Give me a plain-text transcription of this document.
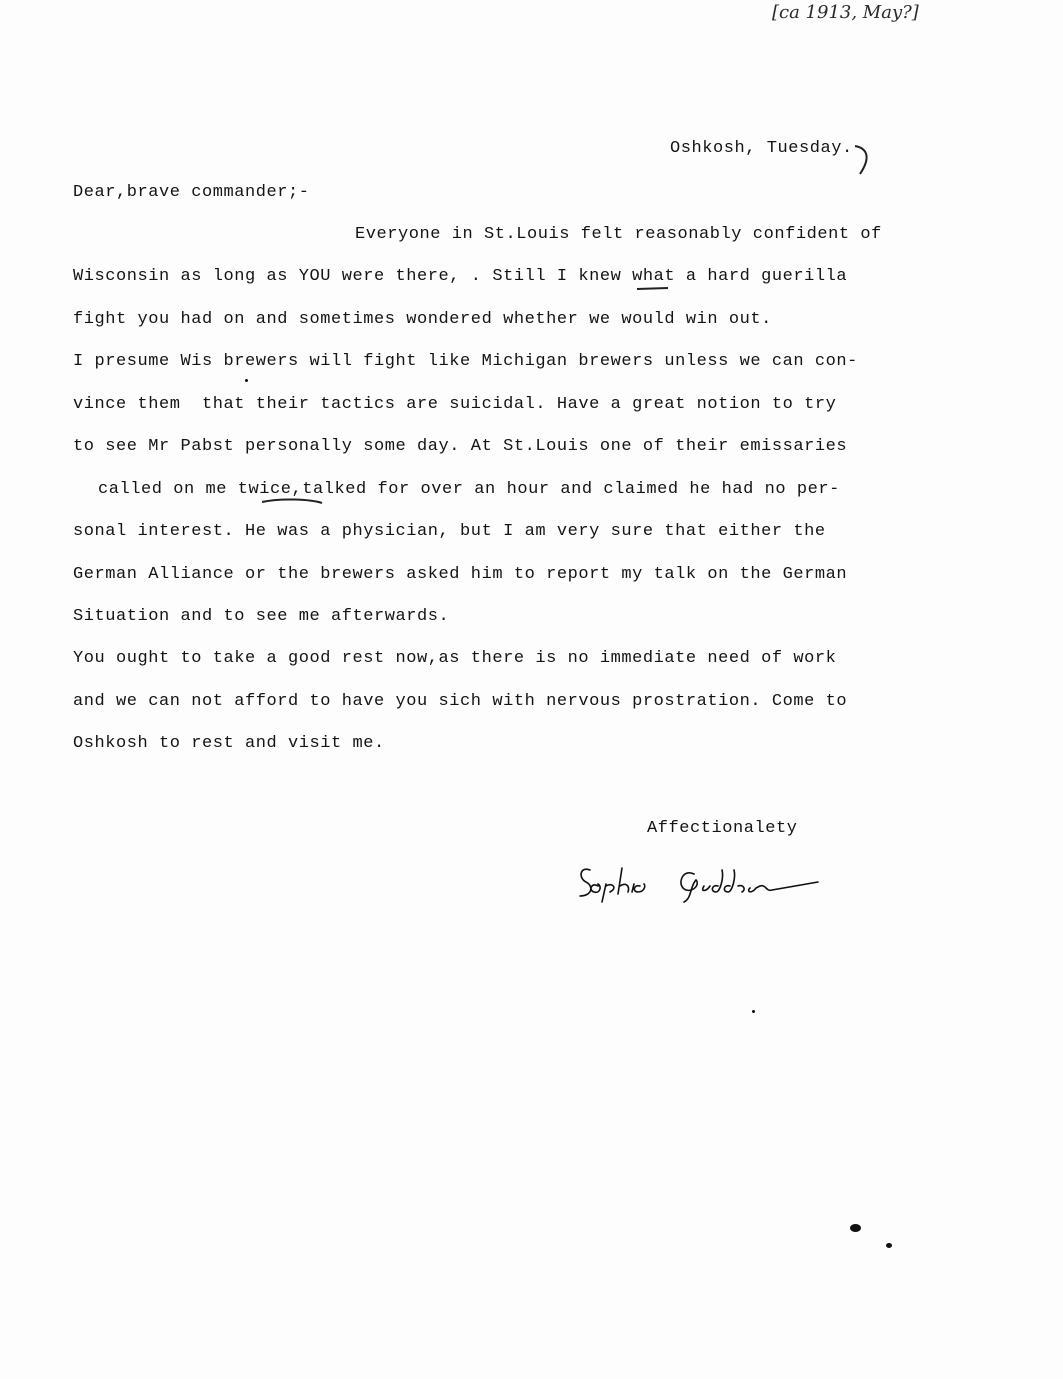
[ca 1913, May?]
Oshkosh, Tuesday.
Dear,brave commander;-
Everyone in St.Louis felt reasonably confident of
Wisconsin as long as YOU were there, . Still I knew what a hard guerilla
fight you had on and sometimes wondered whether we would win out.
I presume Wis brewers will fight like Michigan brewers unless we can con-
vince them  that their tactics are suicidal. Have a great notion to try
to see Mr Pabst personally some day. At St.Louis one of their emissaries
called on me twice,talked for over an hour and claimed he had no per-
sonal interest. He was a physician, but I am very sure that either the
German Alliance or the brewers asked him to report my talk on the German
Situation and to see me afterwards.
You ought to take a good rest now,as there is no immediate need of work
and we can not afford to have you sich with nervous prostration. Come to
Oshkosh to rest and visit me.
Affectionalety
